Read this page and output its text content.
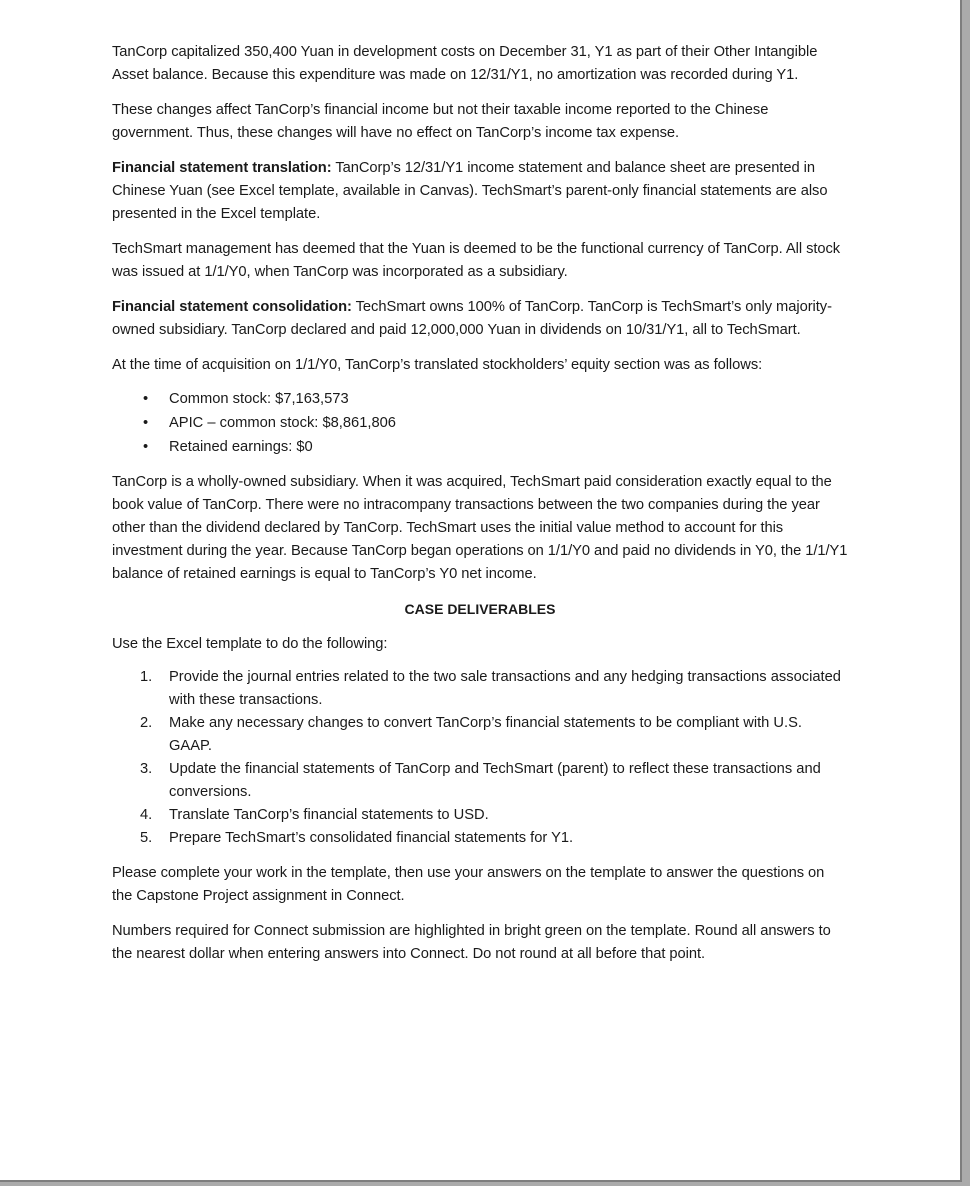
TanCorp capitalized 350,400 Yuan in development costs on December 31, Y1 as part of their Other Intangible Asset balance. Because this expenditure was made on 12/31/Y1, no amortization was recorded during Y1.

These changes affect TanCorp’s financial income but not their taxable income reported to the Chinese government. Thus, these changes will have no effect on TanCorp’s income tax expense.

Financial statement translation: TanCorp’s 12/31/Y1 income statement and balance sheet are presented in Chinese Yuan (see Excel template, available in Canvas). TechSmart’s parent-only financial statements are also presented in the Excel template.

TechSmart management has deemed that the Yuan is deemed to be the functional currency of TanCorp. All stock was issued at 1/1/Y0, when TanCorp was incorporated as a subsidiary.

Financial statement consolidation: TechSmart owns 100% of TanCorp. TanCorp is TechSmart’s only majority-owned subsidiary. TanCorp declared and paid 12,000,000 Yuan in dividends on 10/31/Y1, all to TechSmart.

At the time of acquisition on 1/1/Y0, TanCorp’s translated stockholders’ equity section was as follows:

• Common stock: $7,163,573
• APIC – common stock: $8,861,806
• Retained earnings: $0

TanCorp is a wholly-owned subsidiary. When it was acquired, TechSmart paid consideration exactly equal to the book value of TanCorp. There were no intracompany transactions between the two companies during the year other than the dividend declared by TanCorp. TechSmart uses the initial value method to account for this investment during the year. Because TanCorp began operations on 1/1/Y0 and paid no dividends in Y0, the 1/1/Y1 balance of retained earnings is equal to TanCorp’s Y0 net income.

CASE DELIVERABLES

Use the Excel template to do the following:

1. Provide the journal entries related to the two sale transactions and any hedging transactions associated with these transactions.
2. Make any necessary changes to convert TanCorp’s financial statements to be compliant with U.S. GAAP.
3. Update the financial statements of TanCorp and TechSmart (parent) to reflect these transactions and conversions.
4. Translate TanCorp’s financial statements to USD.
5. Prepare TechSmart’s consolidated financial statements for Y1.

Please complete your work in the template, then use your answers on the template to answer the questions on the Capstone Project assignment in Connect.

Numbers required for Connect submission are highlighted in bright green on the template. Round all answers to the nearest dollar when entering answers into Connect. Do not round at all before that point.
